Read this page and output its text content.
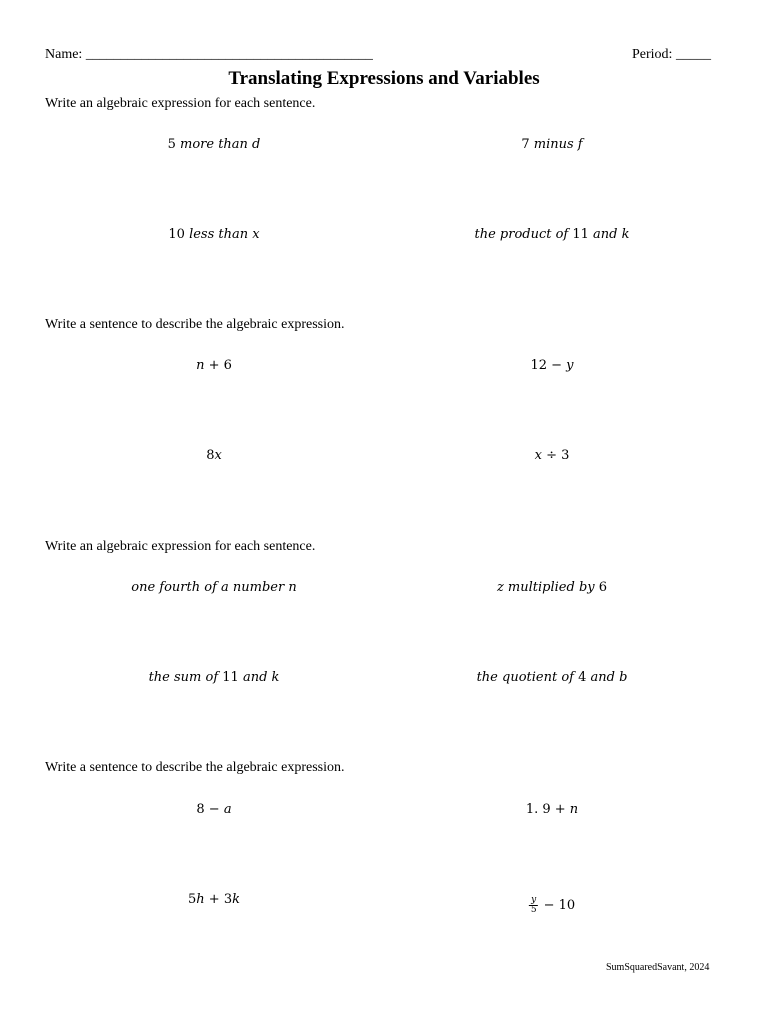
Name: _________________________________________	Period: _____
Translating Expressions and Variables
Write an algebraic expression for each sentence.
5 more than d	7 minus f
10 less than x	the product of 11 and k
Write a sentence to describe the algebraic expression.
n + 6	12 − y
8x	x ÷ 3
Write an algebraic expression for each sentence.
one fourth of a number n	z multiplied by 6
the sum of 11 and k	the quotient of 4 and b
Write a sentence to describe the algebraic expression.
8 − a	1. 9 + n
5h + 3k	$\frac{y}{5} - 10$
SumSquaredSavant, 2024
